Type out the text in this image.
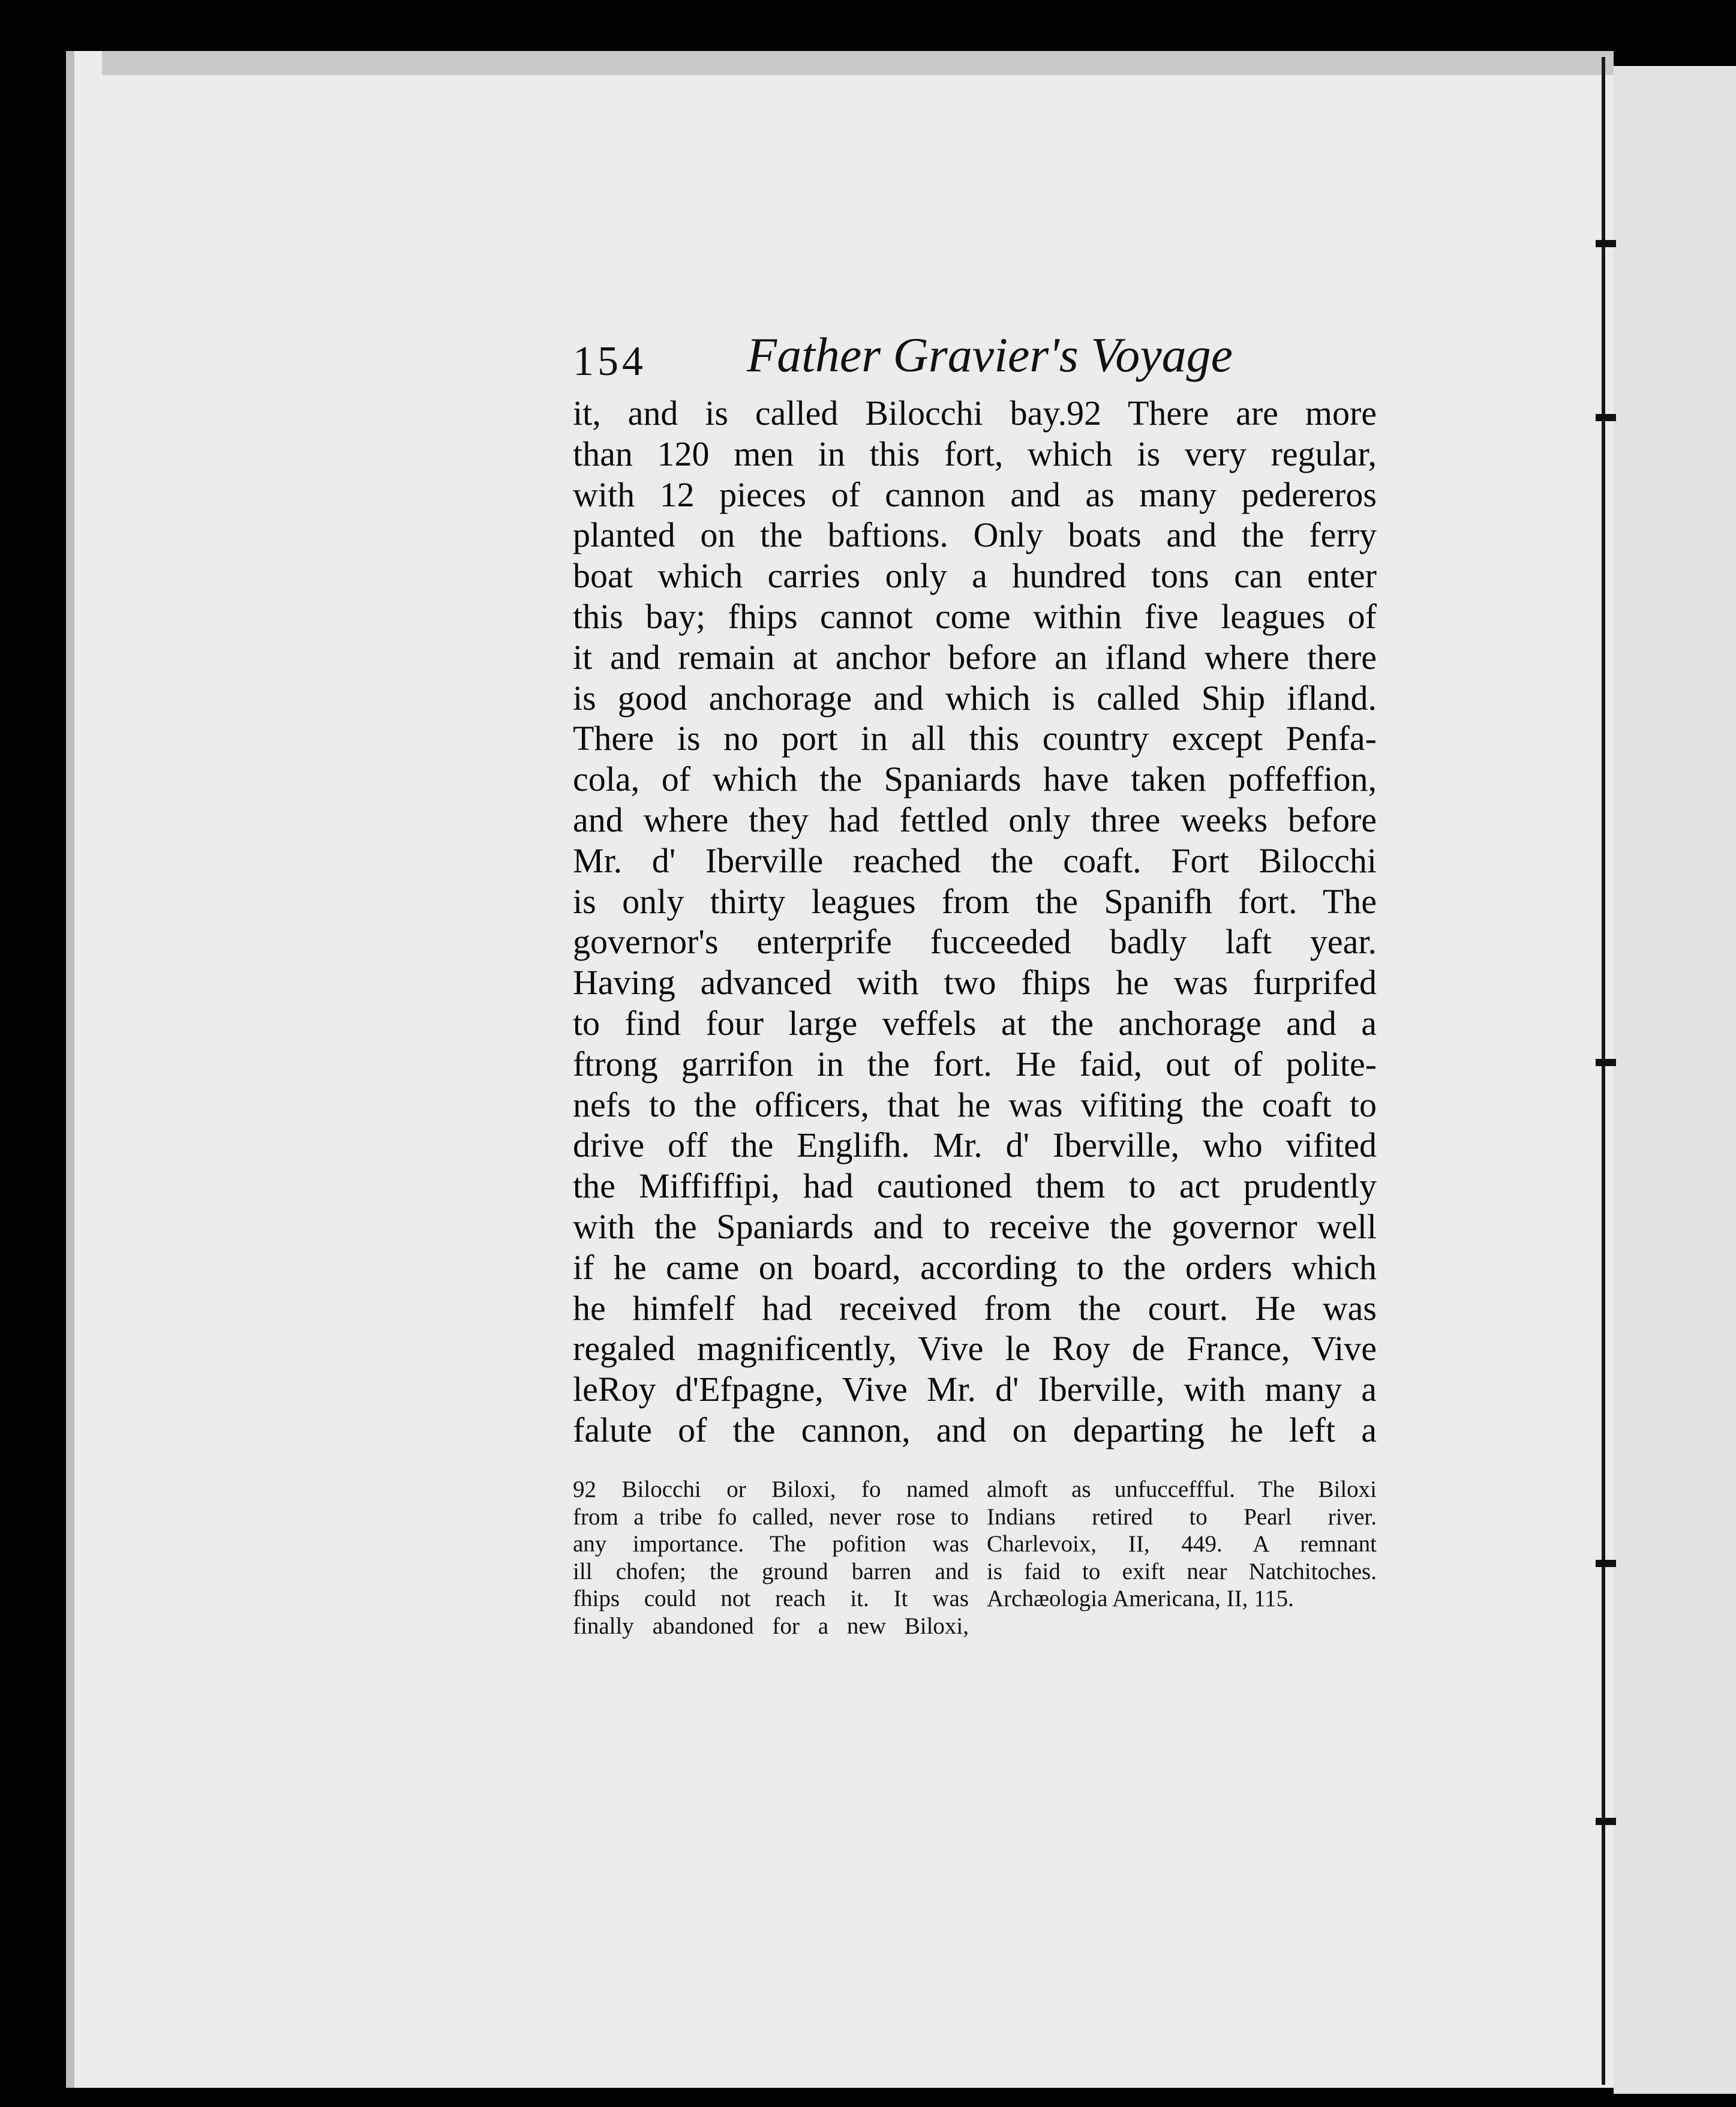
154 Father Gravier's Voyage
it, and is called Bilocchi bay.92 There are more
than 120 men in this fort, which is very regular,
with 12 pieces of cannon and as many pedereros
planted on the baftions. Only boats and the ferry
boat which carries only a hundred tons can enter
this bay; fhips cannot come within five leagues of
it and remain at anchor before an ifland where there
is good anchorage and which is called Ship ifland.
There is no port in all this country except Penfa-
cola, of which the Spaniards have taken poffeffion,
and where they had fettled only three weeks before
Mr. d' Iberville reached the coaft. Fort Bilocchi
is only thirty leagues from the Spanifh fort. The
governor's enterprife fucceeded badly laft year.
Having advanced with two fhips he was furprifed
to find four large veffels at the anchorage and a
ftrong garrifon in the fort. He faid, out of polite-
nefs to the officers, that he was vifiting the coaft to
drive off the Englifh. Mr. d' Iberville, who vifited
the Miffiffipi, had cautioned them to act prudently
with the Spaniards and to receive the governor well
if he came on board, according to the orders which
he himfelf had received from the court. He was
regaled magnificently, Vive le Roy de France, Vive
leRoy d'Efpagne, Vive Mr. d' Iberville, with many a
falute of the cannon, and on departing he left a
92 Bilocchi or Biloxi, fo named
from a tribe fo called, never rose to
any importance. The pofition was
ill chofen; the ground barren and
fhips could not reach it. It was
finally abandoned for a new Biloxi,
almoft as unfucceffful. The Biloxi
Indians retired to Pearl river.
Charlevoix, II, 449. A remnant
is faid to exift near Natchitoches.
Archæologia Americana, II, 115.
